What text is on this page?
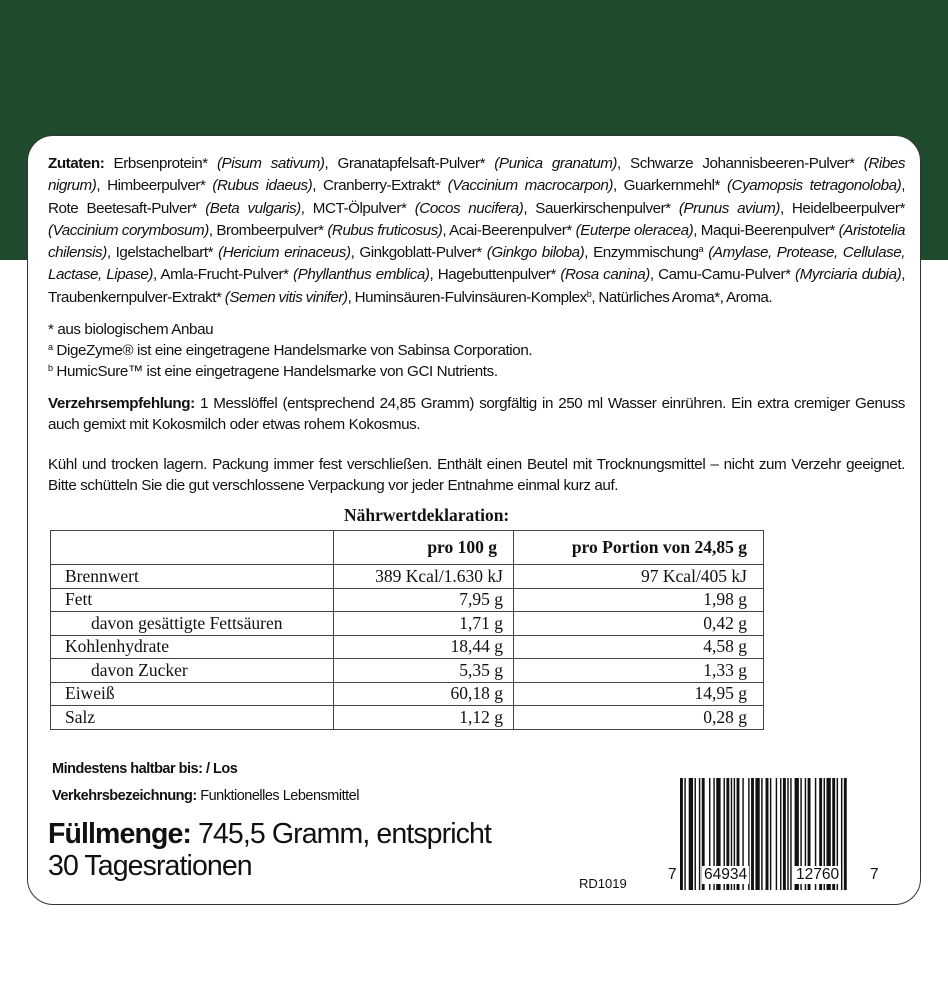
Zutaten: Erbsenprotein* (Pisum sativum), Granatapfelsaft-Pulver* (Punica granatum), Schwarze Johannisbeeren-Pulver* (Ribes nigrum), Himbeerpulver* (Rubus idaeus), Cranberry-Extrakt* (Vaccinium macrocarpon), Guarkernmehl* (Cyamopsis tetragonoloba), Rote Beetesaft-Pulver* (Beta vulgaris), MCT-Ölpulver* (Cocos nucifera), Sauerkirschenpulver* (Prunus avium), Heidelbeerpulver* (Vaccinium corymbosum), Brombeerpulver* (Rubus fruticosus), Acai-Beerenpulver* (Euterpe oleracea), Maqui-Beerenpulver* (Aristotelia chilensis), Igelstachelbart* (Hericium erinaceus), Ginkgoblatt-Pulver* (Ginkgo biloba), Enzymmischung$^a$ (Amylase, Protease, Cellulase, Lactase, Lipase), Amla-Frucht-Pulver* (Phyllanthus emblica), Hagebuttenpulver* (Rosa canina), Camu-Camu-Pulver* (Myrciaria dubia), Traubenkernpulver-Extrakt* (Semen vitis vinifer), Huminsäuren-Fulvinsäuren-Komplex$^b$, Natürliches Aroma*, Aroma.

* aus biologischem Anbau
$^a$ DigeZyme® ist eine eingetragene Handelsmarke von Sabinsa Corporation.
$^b$ HumicSure™ ist eine eingetragene Handelsmarke von GCI Nutrients.

Verzehrsempfehlung: 1 Messlöffel (entsprechend 24,85 Gramm) sorgfältig in 250 ml Wasser einrühren. Ein extra cremiger Genuss auch gemixt mit Kokosmilch oder etwas rohem Kokosmus.

Kühl und trocken lagern. Packung immer fest verschließen. Enthält einen Beutel mit Trocknungsmittel – nicht zum Verzehr geeignet. Bitte schütteln Sie die gut verschlossene Verpackung vor jeder Entnahme einmal kurz auf.

Nährwertdeklaration:
	pro 100 g	pro Portion von 24,85 g
Brennwert	389 Kcal/1.630 kJ	97 Kcal/405 kJ
Fett	7,95 g	1,98 g
davon gesättigte Fettsäuren	1,71 g	0,42 g
Kohlenhydrate	18,44 g	4,58 g
davon Zucker	5,35 g	1,33 g
Eiweiß	60,18 g	14,95 g
Salz	1,12 g	0,28 g
Mindestens haltbar bis: / Los
Verkehrsbezeichnung: Funktionelles Lebensmittel
Füllmenge: 745,5 Gramm, entspricht
30 Tagesrationen
RD1019
7 64934	12760 7
